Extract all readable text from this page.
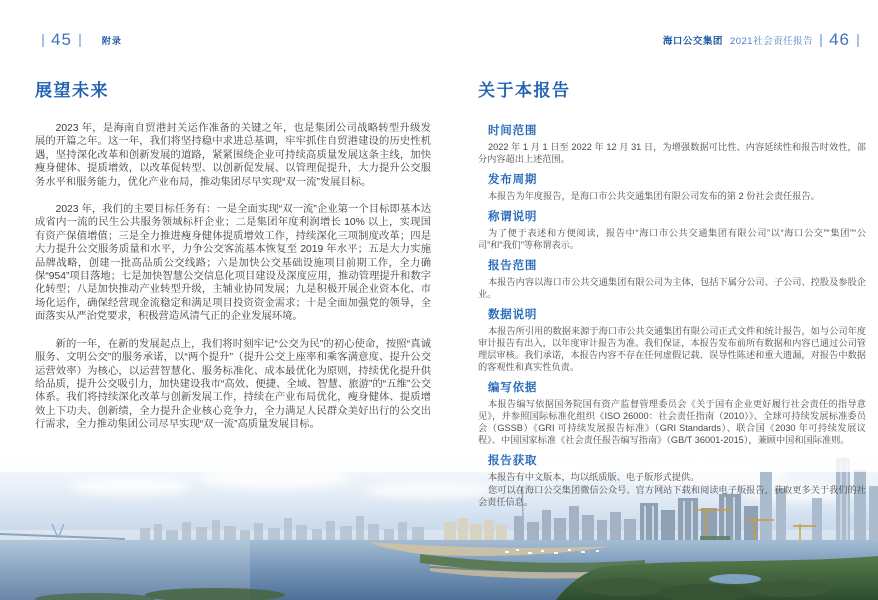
45	附录	海口公交集团 2021社会责任报告 46
展望未来

2023 年，是海南自贸港封关运作准备的关键之年，也是集团公司战略转型升级发展的开篇之年。这一年，我们将坚持稳中求进总基调，牢牢抓住自贸港建设的历史性机遇，坚持深化改革和创新发展的道路，紧紧围绕企业可持续高质量发展这条主线，加快瘦身健体、提质增效，以改革促转型、以创新促发展、以管理促提升，大力提升公交服务水平和服务能力，优化产业布局，推动集团尽早实现“双一流”发展目标。

2023 年，我们的主要目标任务有：一是全面实现“双一流”企业第一个目标即基本达成省内一流的民生公共服务领域标杆企业；二是集团年度利润增长 10% 以上，实现国有资产保值增值；三是全力推进瘦身健体提质增效工作，持续深化三项制度改革；四是大力提升公交服务质量和水平，力争公交客流基本恢复至 2019 年水平；五是大力实施品牌战略，创建一批高品质公交线路；六是加快公交基础设施项目前期工作，全力确保“954”项目落地；七是加快智慧公交信息化项目建设及深度应用，推动管理提升和数字化转型；八是加快推动产业转型升级，主辅业协同发展；九是积极开展企业资本化、市场化运作，确保经营现金流稳定和满足项目投资资金需求；十是全面加强党的领导，全面落实从严治党要求，积极营造风清气正的企业发展环境。

新的一年，在新的发展起点上，我们将时刻牢记“公交为民”的初心使命，按照“真诚服务、文明公交”的服务承诺，以“两个提升”（提升公交上座率和乘客满意度、提升公交运营效率）为核心，以运营智慧化、服务标准化、成本最优化为原则，持续优化提升供给品质，提升公交吸引力，加快建设我市“高效、便捷、全域、智慧、旅游”的“五维”公交体系。我们将持续深化改革与创新发展工作，持续在产业布局优化，瘦身健体、提质增效上下功夫、创新绩，全力提升企业核心竞争力，全力满足人民群众美好出行的公交出行需求，全力推动集团公司尽早实现“双一流”高质量发展目标。

关于本报告
时间范围

2022 年 1 月 1 日至 2022 年 12 月 31 日，为增强数据可比性、内容延续性和报告时效性，部分内容超出上述范围。

发布周期

本报告为年度报告，是海口市公共交通集团有限公司发布的第 2 份社会责任报告。

称谓说明

为了便于表述和方便阅读，报告中“海口市公共交通集团有限公司”以“海口公交”“集团”“公司”和“我们”等称谓表示。

报告范围

本报告内容以海口市公共交通集团有限公司为主体，包括下属分公司、子公司、控股及参股企业。

数据说明

本报告所引用的数据来源于海口市公共交通集团有限公司正式文件和统计报告，如与公司年度审计报告有出入，以年度审计报告为准。我们保证，本报告发布前所有数据和内容已通过公司管理层审核。我们承诺，本报告内容不存在任何虚假记载、误导性陈述和重大遗漏，对报告中数据的客观性和真实性负责。

编写依据

本报告编写依据国务院国有资产监督管理委员会《关于国有企业更好履行社会责任的指导意见》，并参照国际标准化组织《ISO 26000：社会责任指南（2010）》、全球可持续发展标准委员会（GSSB）《GRI 可持续发展报告标准》（GRI Standards）、联合国《2030 年可持续发展议程》、中国国家标准《社会责任报告编写指南》（GB/T 36001-2015），兼顾中国和国际准则。

报告获取

本报告有中文版本，均以纸质版、电子版形式提供。

您可以在海口公交集团微信公众号、官方网站下载和阅读电子版报告，获取更多关于我们的社会责任信息。
